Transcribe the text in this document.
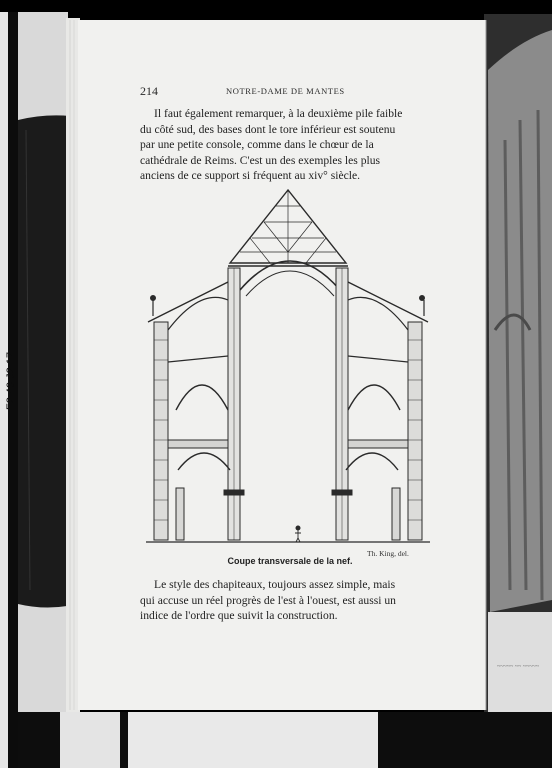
~~~~~ ~~ ~~~~~
F2.40 J2.17
214	NOTRE-DAME DE MANTES
Il faut également remarquer, à la deuxième pile faible
du côté sud, des bases dont le tore inférieur est soutenu
par une petite console, comme dans le chœur de la
cathédrale de Reims. C'est un des exemples les plus
anciens de ce support si fréquent au xiv° siècle.
Th. King, del.
Coupe transversale de la nef.
Le style des chapiteaux, toujours assez simple, mais
qui accuse un réel progrès de l'est à l'ouest, est aussi un
indice de l'ordre que suivit la construction.
